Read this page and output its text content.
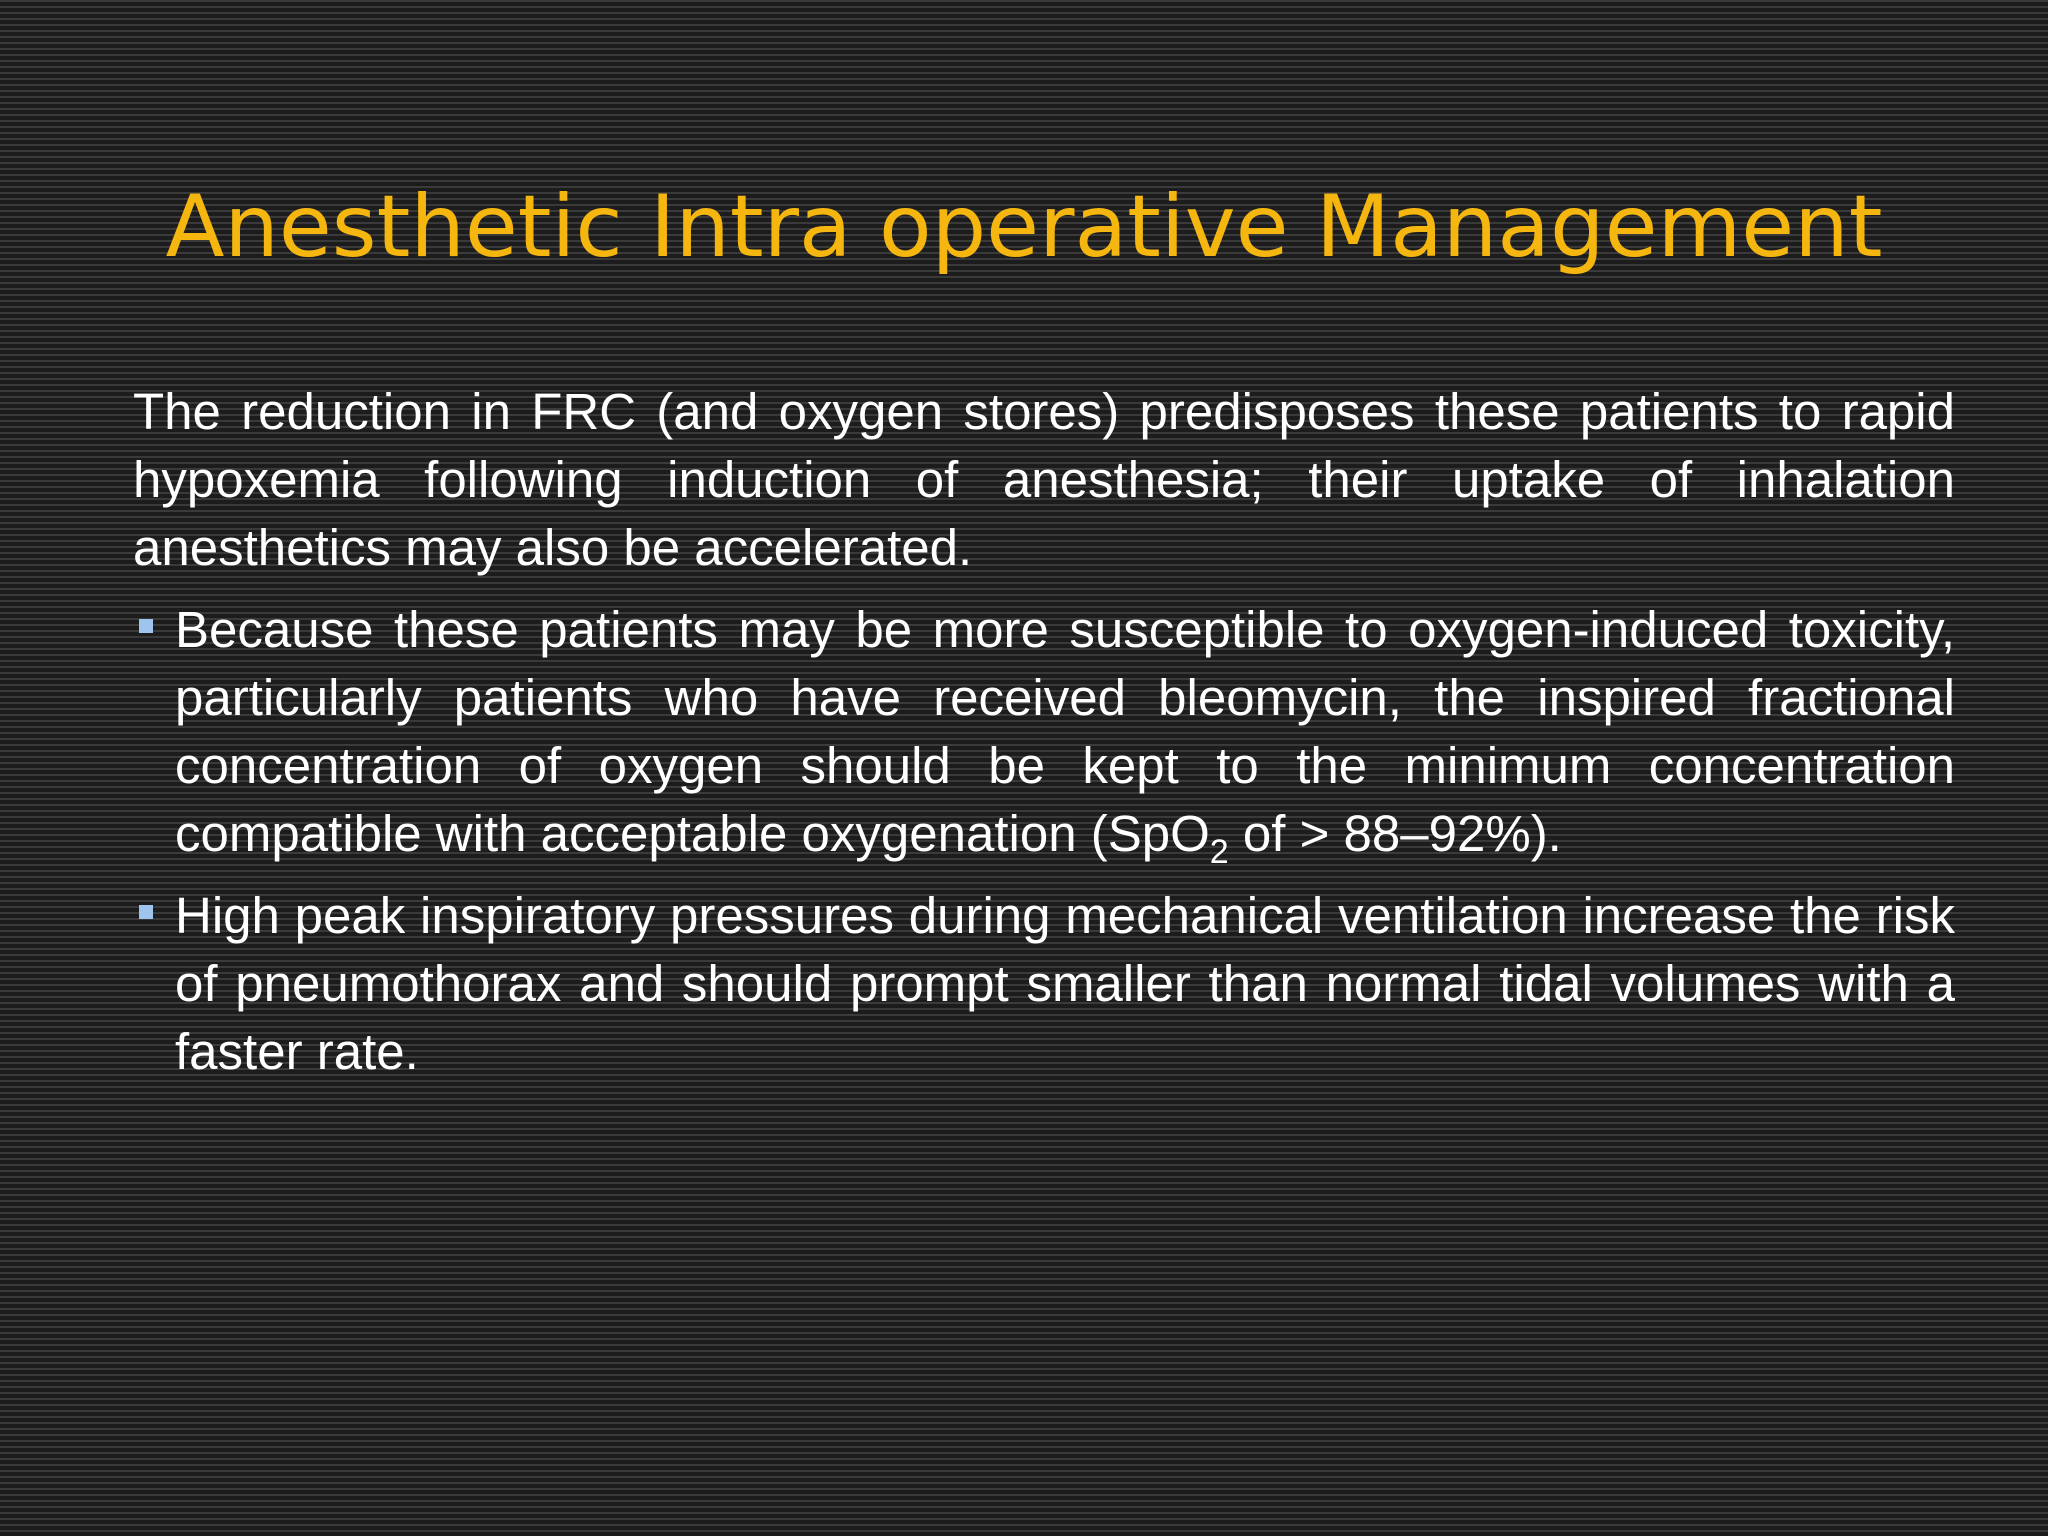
Anesthetic Intra operative Management

The reduction in FRC (and oxygen stores) predisposes these patients to rapid hypoxemia following induction of anesthesia; their uptake of inhalation anesthetics may also be accelerated.

Because these patients may be more susceptible to oxygen-induced toxicity, particularly patients who have received bleomycin, the inspired fractional concentration of oxygen should be kept to the minimum concentration compatible with acceptable oxygenation (SpO$_2$ of > 88–92%).
High peak inspiratory pressures during mechanical ventilation increase the risk of pneumothorax and should prompt smaller than normal tidal volumes with a faster rate.
